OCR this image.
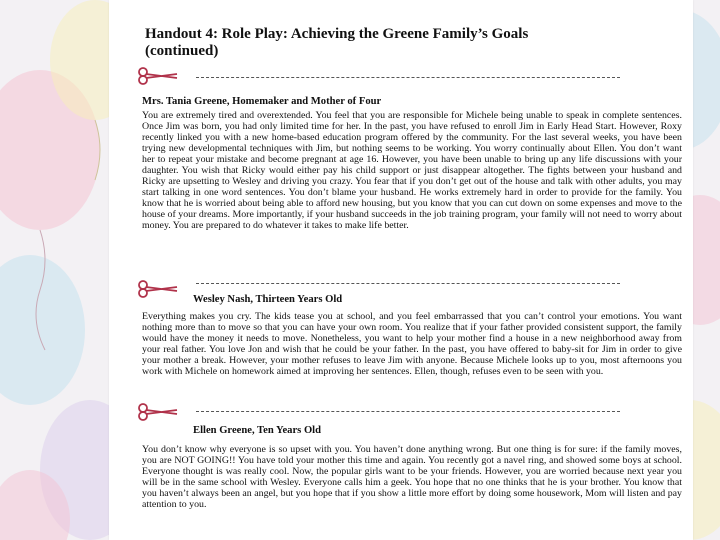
Handout 4: Role Play: Achieving the Greene Family’s Goals
(continued)
Mrs. Tania Greene, Homemaker and Mother of Four

You are extremely tired and overextended. You feel that you are responsible for Michele being unable to speak in complete sentences. Once Jim was born, you had only limited time for her. In the past, you have refused to enroll Jim in Early Head Start. However, Roxy recently linked you with a new home-based education program offered by the community. For the last several weeks, you have been trying new developmental techniques with Jim, but nothing seems to be working. You worry continually about Ellen. You don’t want her to repeat your mistake and become pregnant at age 16. However, you have been unable to bring up any life discussions with your daughter. You wish that Ricky would either pay his child support or just disappear altogether. The fights between your husband and Ricky are upsetting to Wesley and driving you crazy. You fear that if you don’t get out of the house and talk with other adults, you may start talking in one word sentences. You don’t blame your husband. He works extremely hard in order to provide for the family. You know that he is worried about being able to afford new housing, but you know that you can cut down on some expenses and move to the house of your dreams. More importantly, if your husband succeeds in the job training program, your family will not need to worry about money. You are prepared to do whatever it takes to make life better.

Wesley Nash, Thirteen Years Old

Everything makes you cry. The kids tease you at school, and you feel embarrassed that you can’t control your emotions. You want nothing more than to move so that you can have your own room. You realize that if your father provided consistent support, the family would have the money it needs to move. Nonetheless, you want to help your mother find a house in a new neighborhood away from your real father. You love Jon and wish that he could be your father. In the past, you have offered to baby-sit for Jim in order to give your mother a break. However, your mother refuses to leave Jim with anyone. Because Michele looks up to you, most afternoons you work with Michele on homework aimed at improving her sentences. Ellen, though, refuses even to be seen with you.

Ellen Greene, Ten Years Old

You don’t know why everyone is so upset with you. You haven’t done anything wrong. But one thing is for sure: if the family moves, you are NOT GOING!! You have told your mother this time and again. You recently got a navel ring, and showed some boys at school. Everyone thought is was really cool. Now, the popular girls want to be your friends. However, you are worried because next year you will be in the same school with Wesley. Everyone calls him a geek. You hope that no one thinks that he is your brother. You know that you haven’t always been an angel, but you hope that if you show a little more effort by doing some housework, Mom will listen and pay attention to you.
